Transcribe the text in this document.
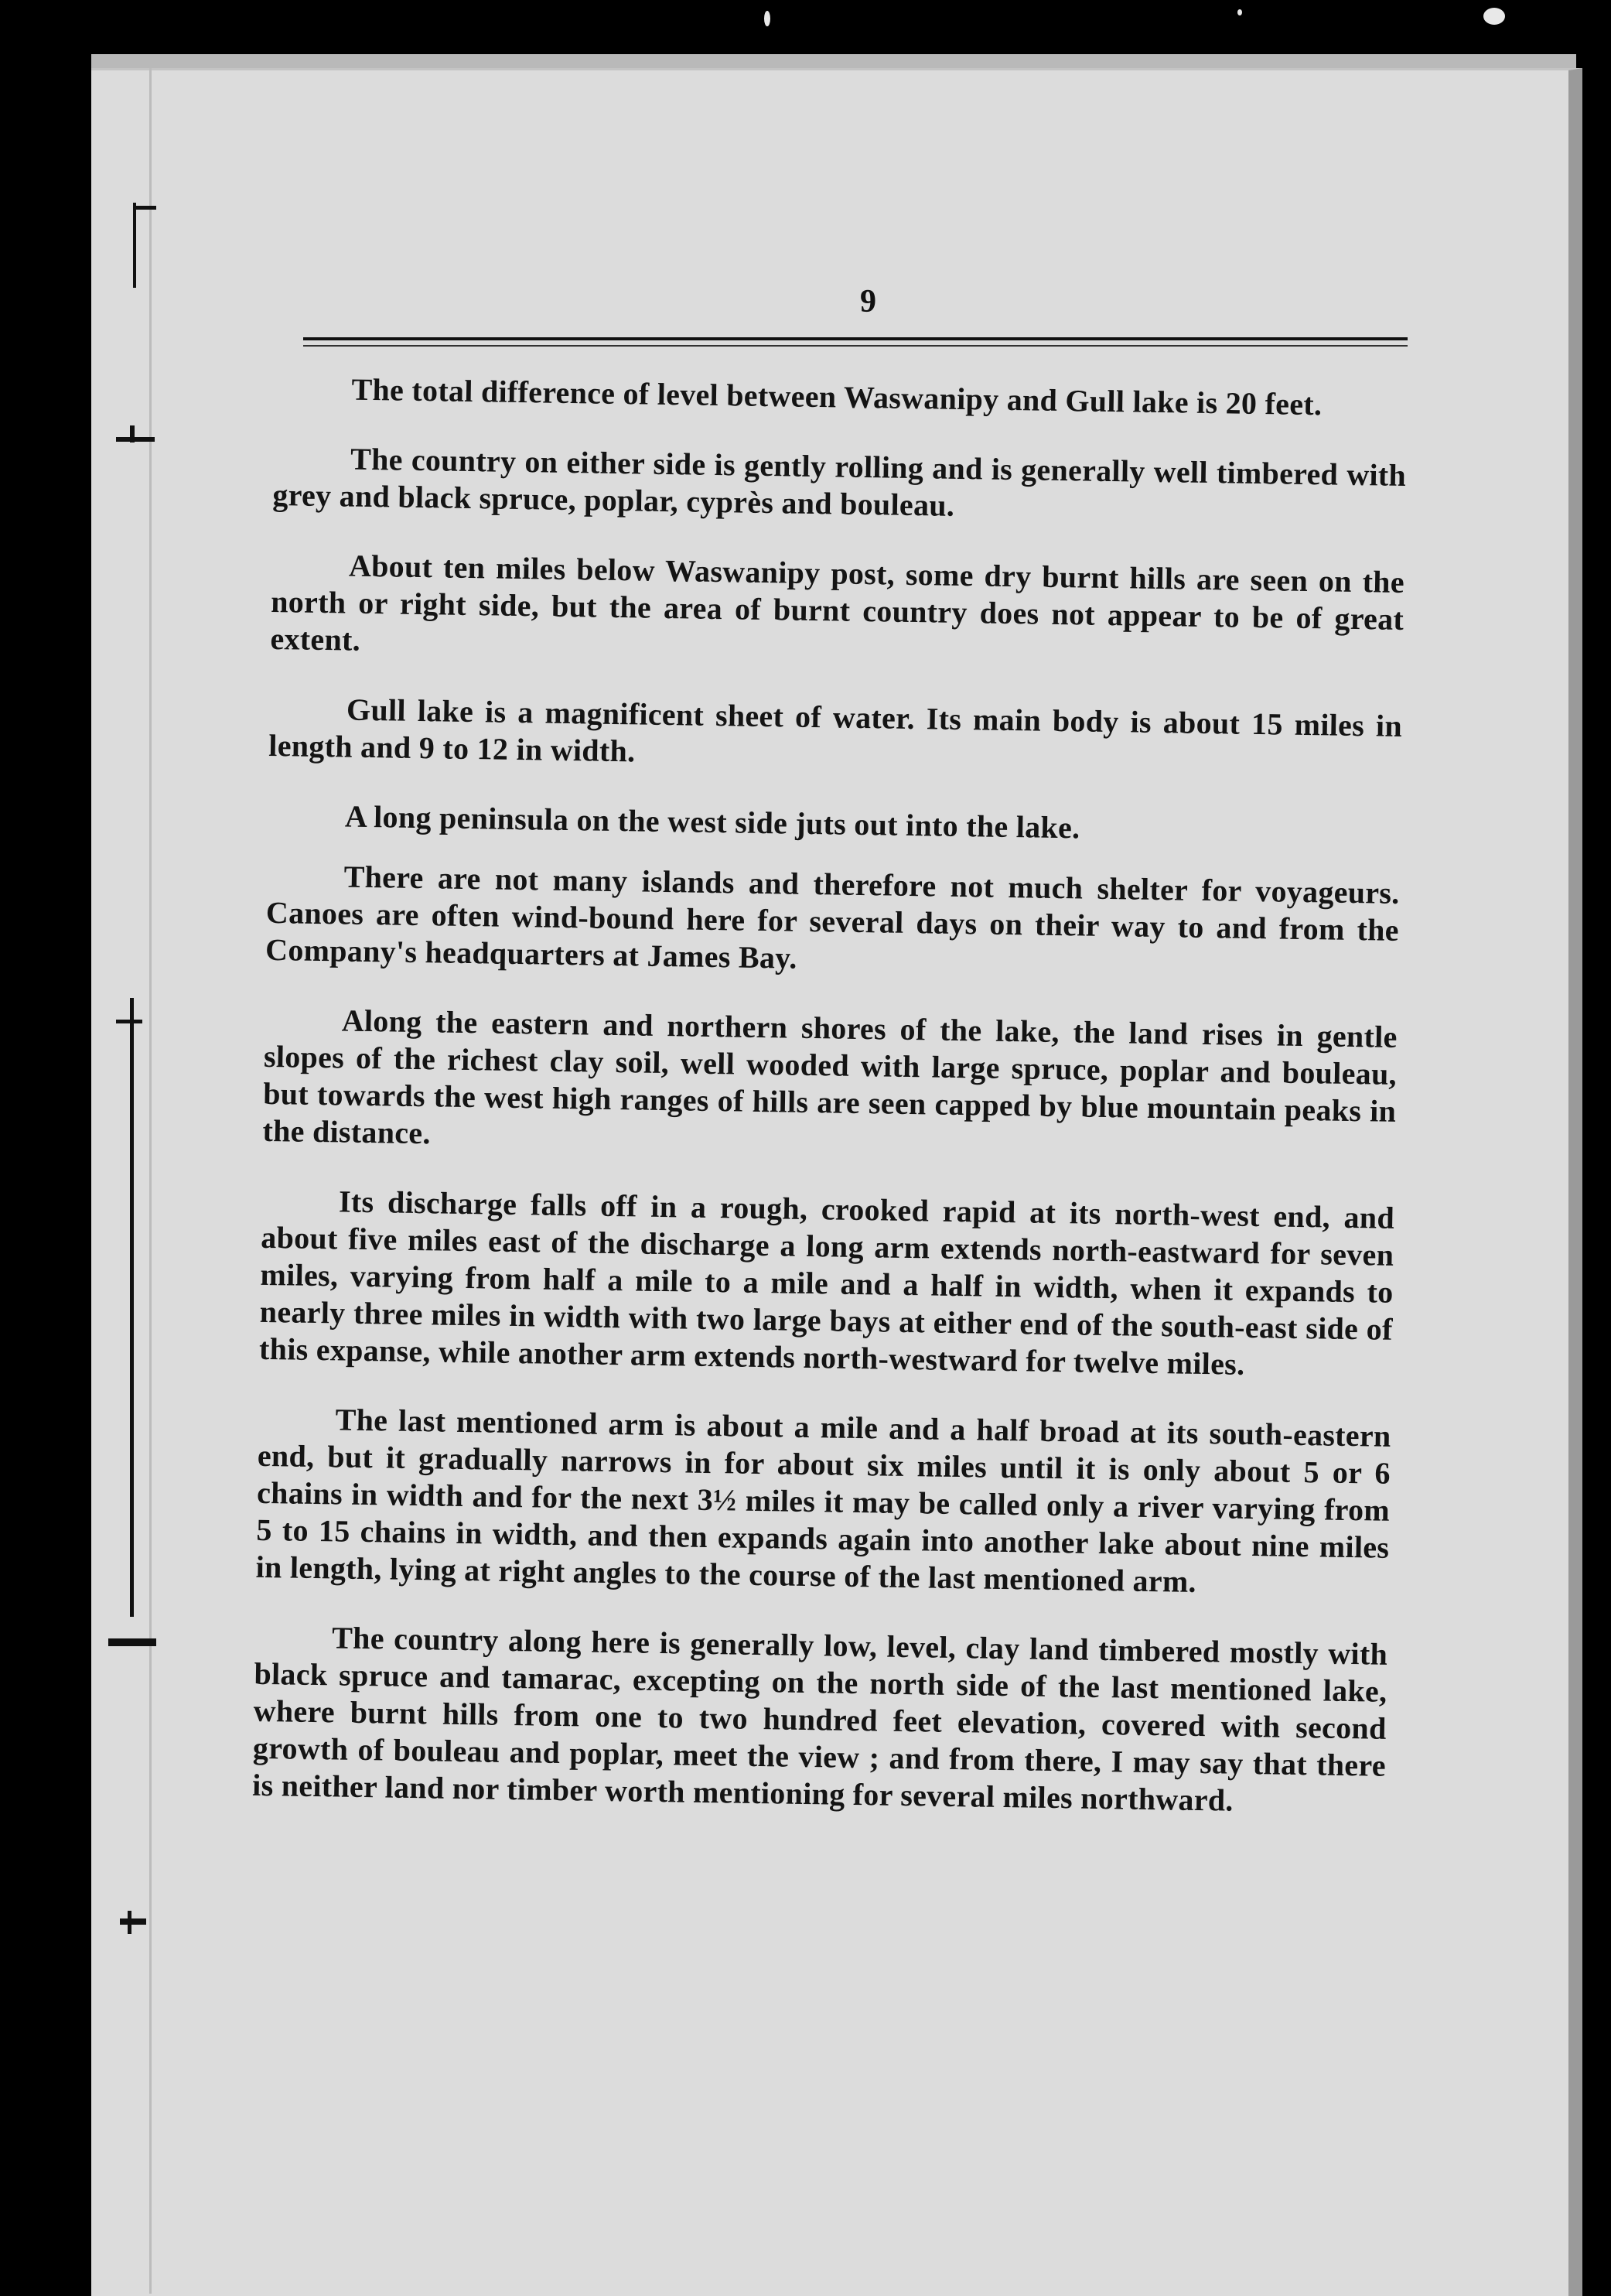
9

The total difference of level between Waswanipy and Gull lake is 20 feet.

The country on either side is gently rolling and is generally well timbered with grey and black spruce, poplar, cyprès and bouleau.

About ten miles below Waswanipy post, some dry burnt hills are seen on the north or right side, but the area of burnt country does not appear to be of great extent.

Gull lake is a magnificent sheet of water. Its main body is about 15 miles in length and 9 to 12 in width.

A long peninsula on the west side juts out into the lake.

There are not many islands and therefore not much shelter for voyageurs. Canoes are often wind-bound here for several days on their way to and from the Company's headquarters at James Bay.

Along the eastern and northern shores of the lake, the land rises in gentle slopes of the richest clay soil, well wooded with large spruce, poplar and bouleau, but towards the west high ranges of hills are seen capped by blue mountain peaks in the distance.

Its discharge falls off in a rough, crooked rapid at its north-west end, and about five miles east of the discharge a long arm extends north-eastward for seven miles, varying from half a mile to a mile and a half in width, when it expands to nearly three miles in width with two large bays at either end of the south-east side of this expanse, while another arm extends north-westward for twelve miles.

The last mentioned arm is about a mile and a half broad at its south-eastern end, but it gradually narrows in for about six miles until it is only about 5 or 6 chains in width and for the next 3½ miles it may be called only a river varying from 5 to 15 chains in width, and then expands again into another lake about nine miles in length, lying at right angles to the course of the last mentioned arm.

The country along here is generally low, level, clay land timbered mostly with black spruce and tamarac, excepting on the north side of the last mentioned lake, where burnt hills from one to two hundred feet elevation, covered with second growth of bouleau and poplar, meet the view ; and from there, I may say that there is neither land nor timber worth mentioning for several miles northward.
